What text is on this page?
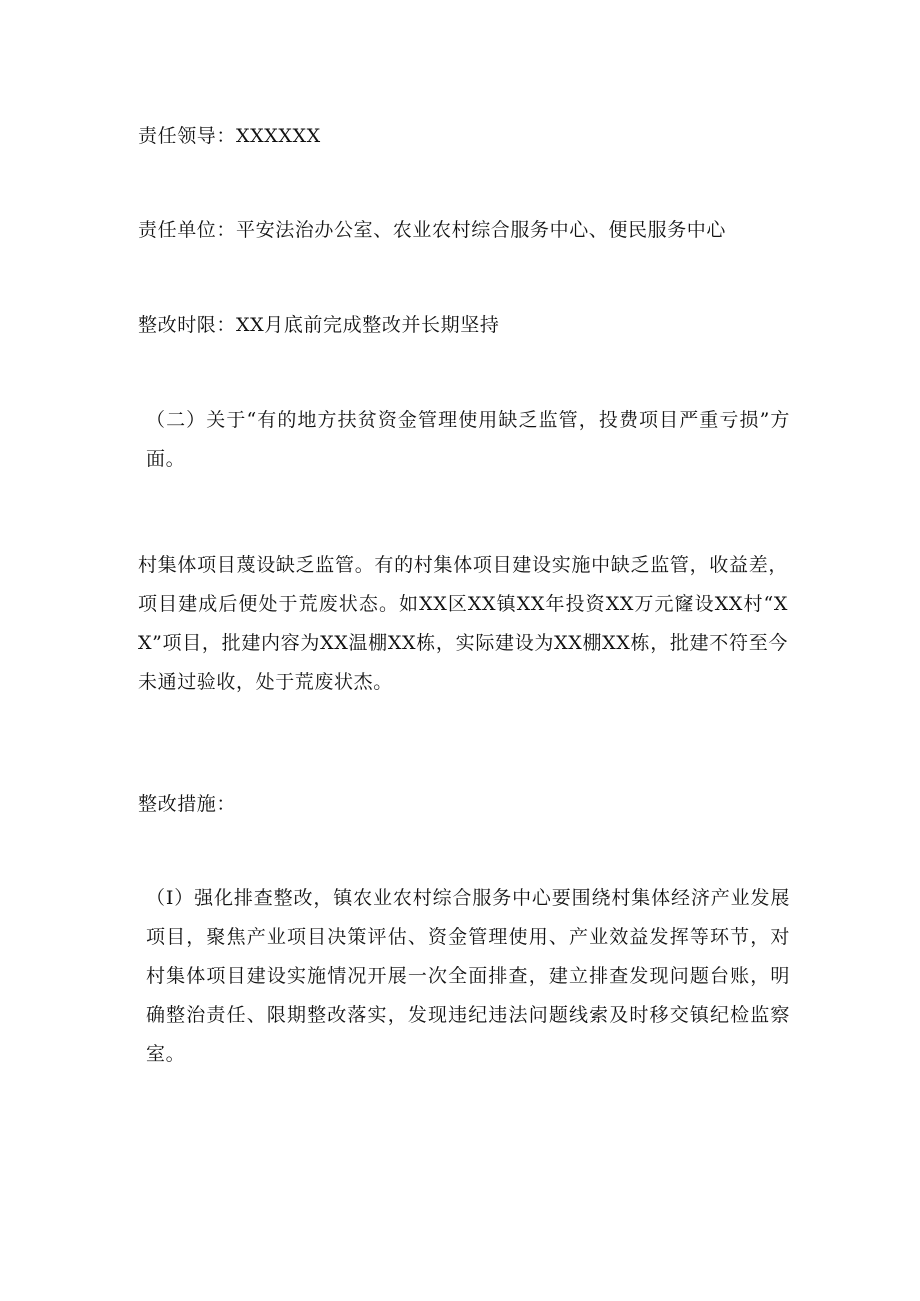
责任领导：XXXXXX

责任单位：平安法治办公室、农业农村综合服务中心、便民服务中心

整改时限：XX月底前完成整改并长期坚持

（二）关于“有的地方扶贫资金管理使用缺乏监管，投费项目严重亏损”方面。

村集体项目蔑设缺乏监管。有的村集体项目建设实施中缺乏监管，收益差，项目建成后便处于荒废状态。如XX区XX镇XX年投资XX万元窿设XX村“XX”项目，批建内容为XX温棚XX栋，实际建设为XX棚XX栋，批建不符至今未通过验收，处于荒废状杰。

整改措施：

（I）强化排查整改，镇农业农村综合服务中心要围绕村集体经济产业发展项目，聚焦产业项目决策评估、资金管理使用、产业效益发挥等环节，对村集体项目建设实施情况开展一次全面排查，建立排查发现问题台账，明确整治责任、限期整改落实，发现违纪违法问题线索及时移交镇纪检监察室。
